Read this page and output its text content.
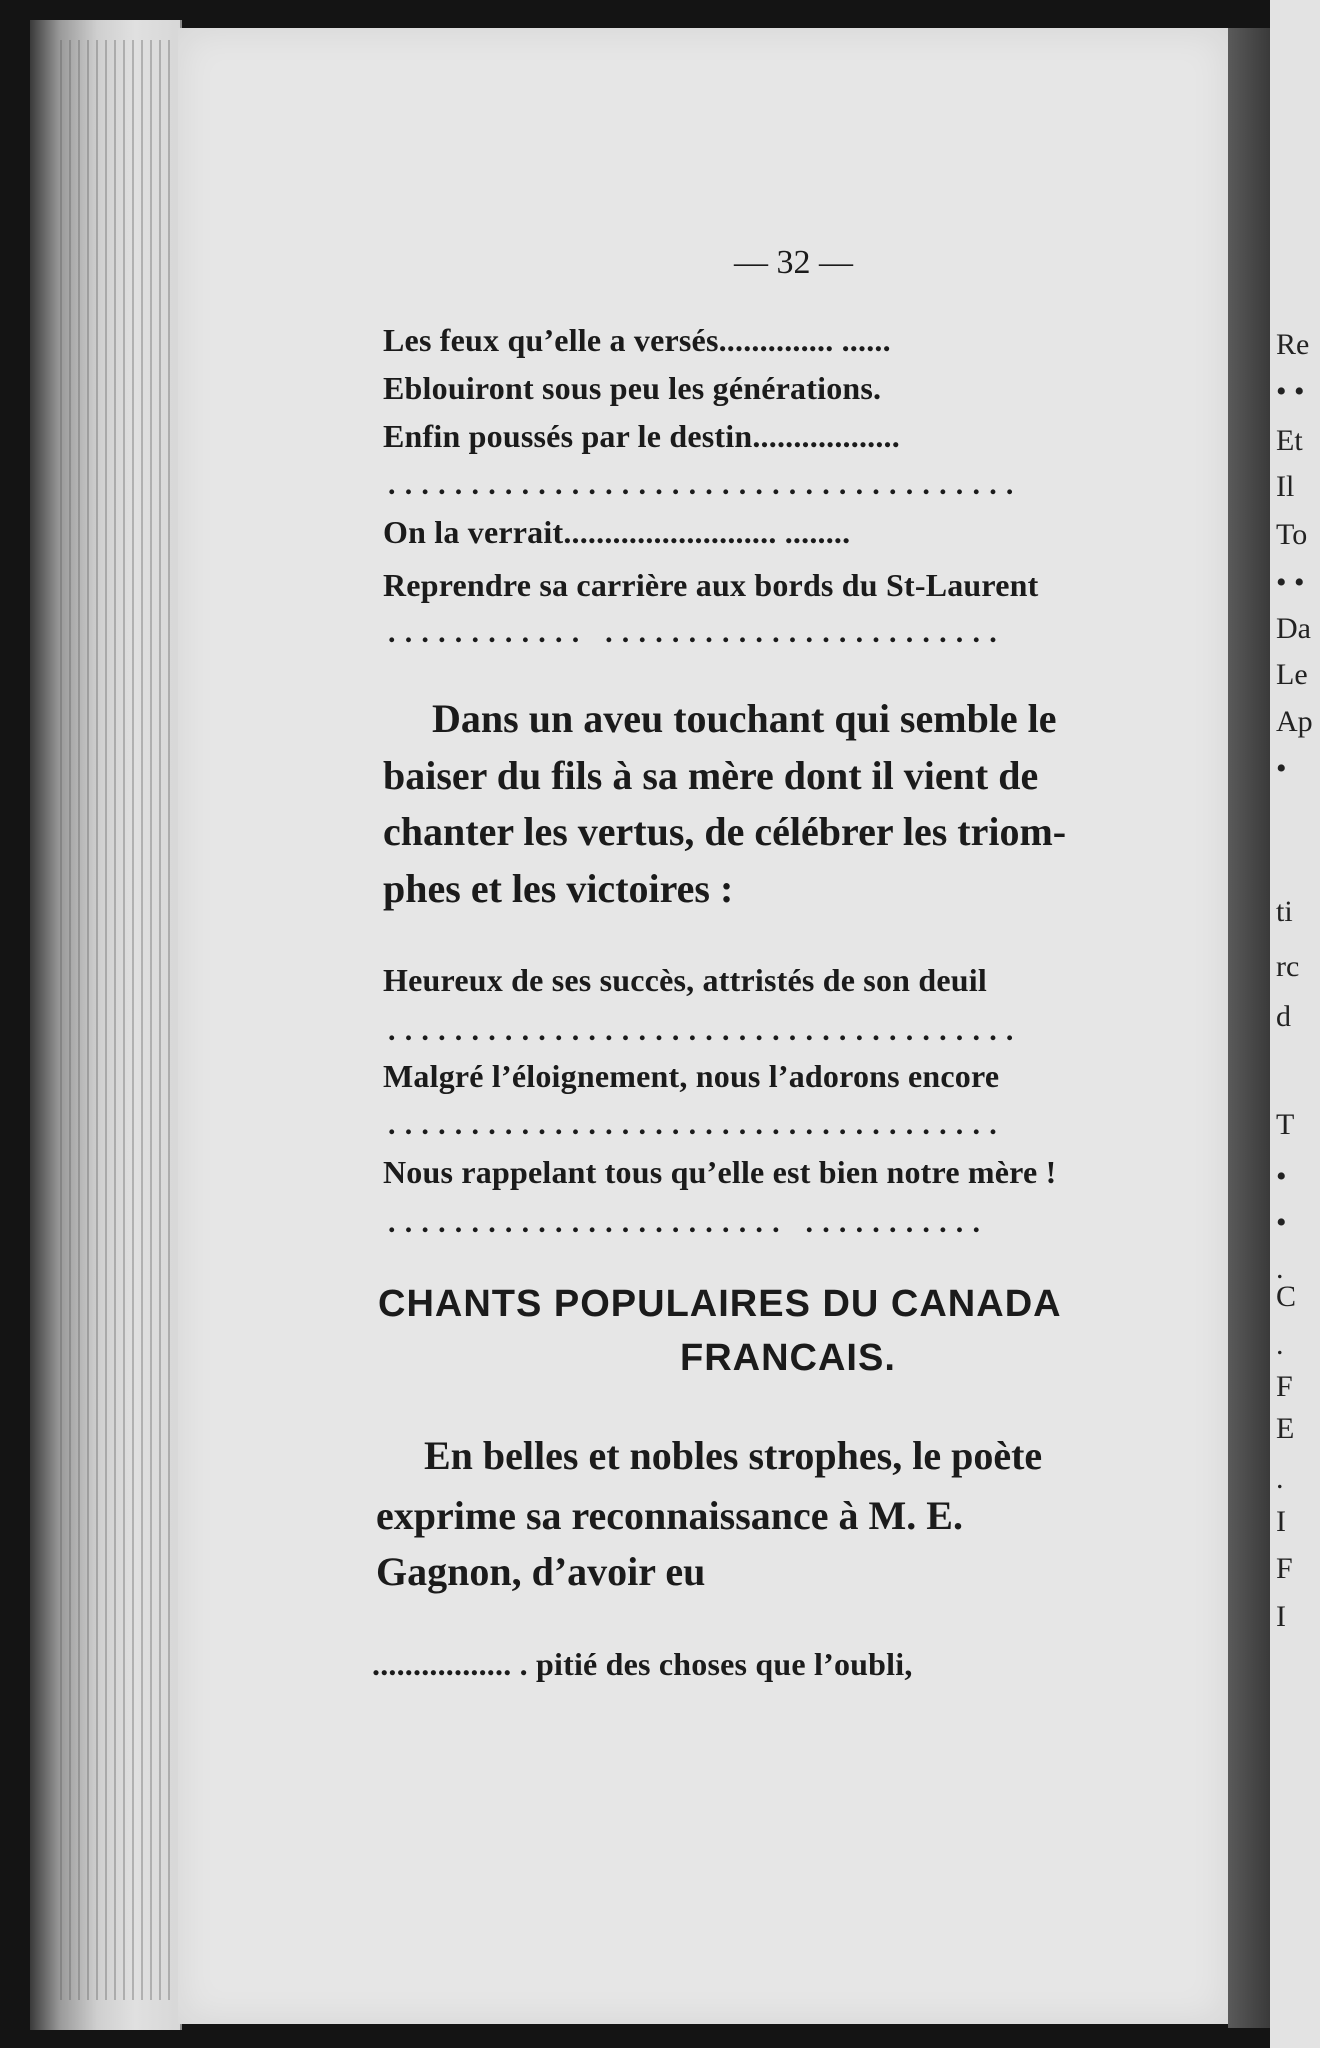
Re
• •
Et
Il
To
• •
Da
Le
Ap
•
ti
rc
d
T
•
•
.
C
.
F
E
.
I
F
I
— 32 —
Les feux qu’elle a versés.............. ......
Eblouiront sous peu les générations.
Enfin poussés par le destin..................
......................................
On la verrait.......................... ........
Reprendre sa carrière aux bords du St-Laurent
............ ........................
Dans un aveu touchant qui semble le
baiser du fils à sa mère dont il vient de
chanter les vertus, de célébrer les triom-
phes et les victoires :
Heureux de ses succès, attristés de son deuil
......................................
Malgré l’éloignement, nous l’adorons encore
.....................................
Nous rappelant tous qu’elle est bien notre mère !
........................ ...........
CHANTS POPULAIRES DU CANADA
FRANCAIS.
En belles et nobles strophes, le poète
exprime sa reconnaissance à M. E.
Gagnon, d’avoir eu
................. . pitié des choses que l’oubli,
